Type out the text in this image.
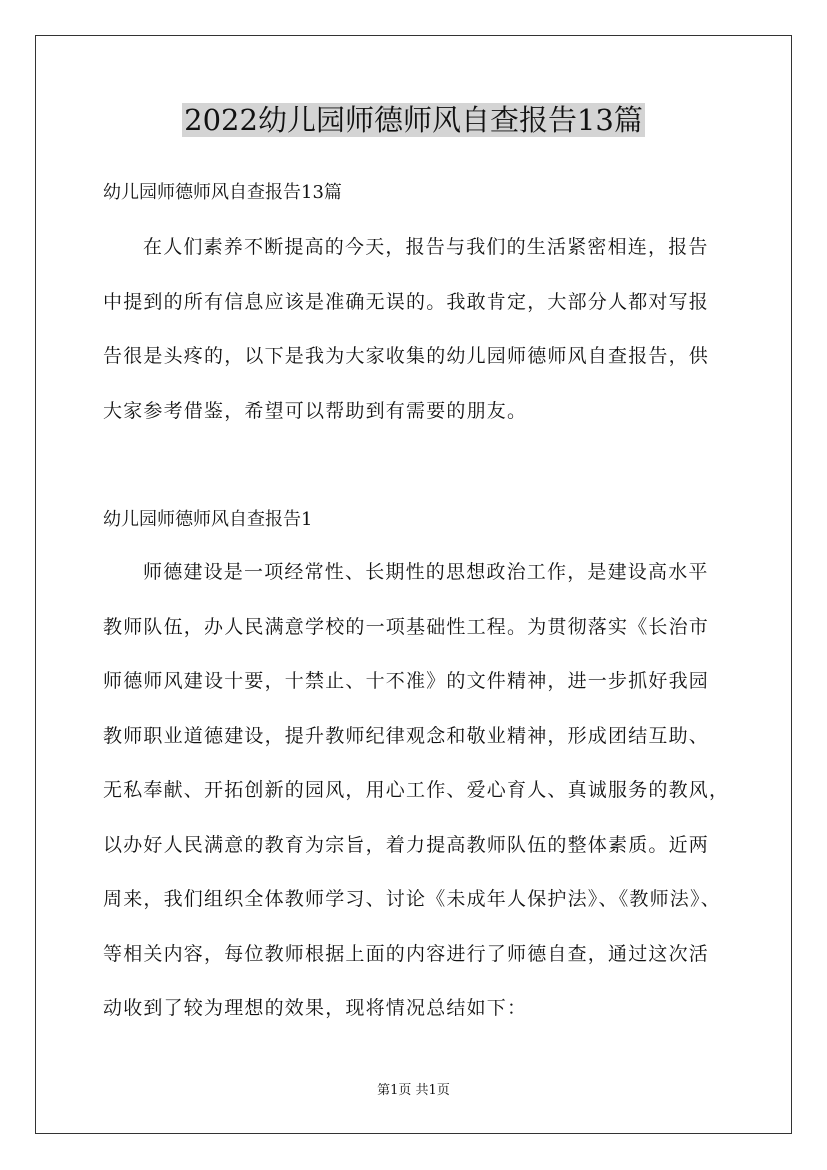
2022幼儿园师德师风自查报告13篇

幼儿园师德师风自查报告13篇

在人们素养不断提高的今天，报告与我们的生活紧密相连，报告
中提到的所有信息应该是准确无误的。我敢肯定，大部分人都对写报
告很是头疼的，以下是我为大家收集的幼儿园师德师风自查报告，供
大家参考借鉴，希望可以帮助到有需要的朋友。

幼儿园师德师风自查报告1

师德建设是一项经常性、长期性的思想政治工作，是建设高水平
教师队伍，办人民满意学校的一项基础性工程。为贯彻落实《长治市
师德师风建设十要，十禁止、十不准》的文件精神，进一步抓好我园
教师职业道德建设，提升教师纪律观念和敬业精神，形成团结互助、
无私奉献、开拓创新的园风，用心工作、爱心育人、真诚服务的教风，
以办好人民满意的教育为宗旨，着力提高教师队伍的整体素质。近两
周来，我们组织全体教师学习、讨论《未成年人保护法》、《教师法》、
等相关内容，每位教师根据上面的内容进行了师德自查，通过这次活
动收到了较为理想的效果，现将情况总结如下：
第1页 共1页
